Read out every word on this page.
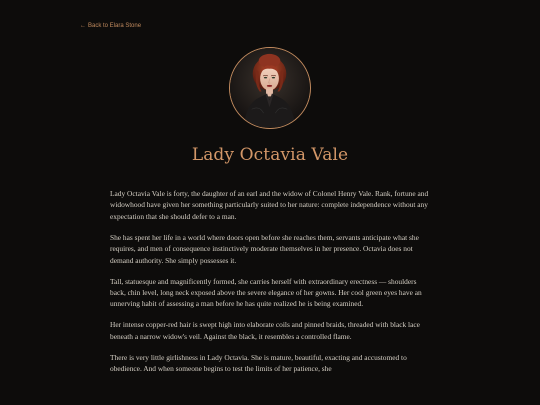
← Back to Elara Stone
Lady Octavia Vale

Lady Octavia Vale is forty, the daughter of an earl and the widow of Colonel Henry Vale. Rank, fortune and widowhood have given her something particularly suited to her nature: complete independence without any expectation that she should defer to a man.

She has spent her life in a world where doors open before she reaches them, servants anticipate what she requires, and men of consequence instinctively moderate themselves in her presence. Octavia does not demand authority. She simply possesses it.

Tall, statuesque and magnificently formed, she carries herself with extraordinary erectness — shoulders back, chin level, long neck exposed above the severe elegance of her gowns. Her cool green eyes have an unnerving habit of assessing a man before he has quite realized he is being examined.

Her intense copper-red hair is swept high into elaborate coils and pinned braids, threaded with black lace beneath a narrow widow's veil. Against the black, it resembles a controlled flame.

There is very little girlishness in Lady Octavia. She is mature, beautiful, exacting and accustomed to obedience. And when someone begins to test the limits of her patience, she
